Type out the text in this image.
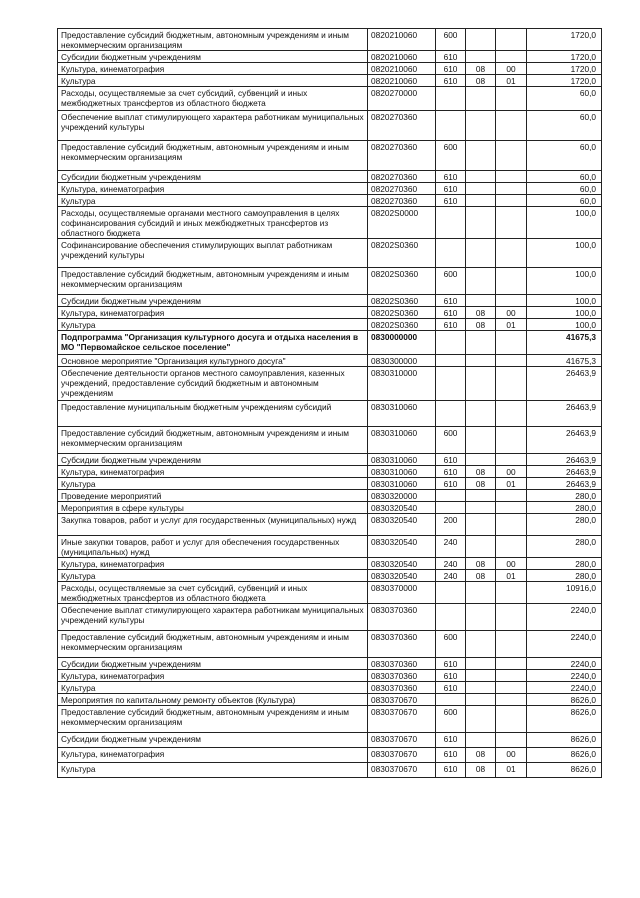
Предоставление субсидий бюджетным, автономным учреждениям и иным некоммерческим организациям	0820210060	600			1720,0
Субсидии бюджетным учреждениям	0820210060	610			1720,0
Культура, кинематография	0820210060	610	08	00	1720,0
Культура	0820210060	610	08	01	1720,0
Расходы, осуществляемые за счет субсидий, субвенций и иных межбюджетных трансфертов из областного бюджета	0820270000				60,0
Обеспечение выплат стимулирующего характера работникам муниципальных учреждений культуры	0820270360				60,0
Предоставление субсидий бюджетным, автономным учреждениям и иным некоммерческим организациям	0820270360	600			60,0
Субсидии бюджетным учреждениям	0820270360	610			60,0
Культура, кинематография	0820270360	610			60,0
Культура	0820270360	610			60,0
Расходы, осуществляемые органами местного самоуправления в целях софинансирования субсидий и иных межбюджетных трансфертов из областного бюджета	08202S0000				100,0
Софинансирование обеспечения стимулирующих выплат работникам учреждений культуры	08202S0360				100,0
Предоставление субсидий бюджетным, автономным учреждениям и иным некоммерческим организациям	08202S0360	600			100,0
Субсидии бюджетным учреждениям	08202S0360	610			100,0
Культура, кинематография	08202S0360	610	08	00	100,0
Культура	08202S0360	610	08	01	100,0
Подпрограмма "Организация культурного досуга и отдыха населения в МО "Первомайское сельское поселение"	0830000000				41675,3
Основное мероприятие "Организация культурного досуга"	0830300000				41675,3
Обеспечение деятельности органов местного самоуправления, казенных учреждений, предоставление субсидий бюджетным и автономным учреждениям	0830310000				26463,9
Предоставление муниципальным бюджетным учреждениям субсидий	0830310060				26463,9
Предоставление субсидий бюджетным, автономным учреждениям и иным некоммерческим организациям	0830310060	600			26463,9
Субсидии бюджетным учреждениям	0830310060	610			26463,9
Культура, кинематография	0830310060	610	08	00	26463,9
Культура	0830310060	610	08	01	26463,9
Проведение мероприятий	0830320000				280,0
Мероприятия в сфере культуры	0830320540				280,0
Закупка товаров, работ и услуг для государственных (муниципальных) нужд	0830320540	200			280,0
Иные закупки товаров, работ и услуг для обеспечения государственных (муниципальных) нужд	0830320540	240			280,0
Культура, кинематография	0830320540	240	08	00	280,0
Культура	0830320540	240	08	01	280,0
Расходы, осуществляемые за счет субсидий, субвенций и иных межбюджетных трансфертов из областного бюджета	0830370000				10916,0
Обеспечение выплат стимулирующего характера работникам муниципальных учреждений культуры	0830370360				2240,0
Предоставление субсидий бюджетным, автономным учреждениям и иным некоммерческим организациям	0830370360	600			2240,0
Субсидии бюджетным учреждениям	0830370360	610			2240,0
Культура, кинематография	0830370360	610			2240,0
Культура	0830370360	610			2240,0
Мероприятия по капитальному ремонту объектов (Культура)	0830370670				8626,0
Предоставление субсидий бюджетным, автономным учреждениям и иным некоммерческим организациям	0830370670	600			8626,0
Субсидии бюджетным учреждениям	0830370670	610			8626,0
Культура, кинематография	0830370670	610	08	00	8626,0
Культура	0830370670	610	08	01	8626,0
